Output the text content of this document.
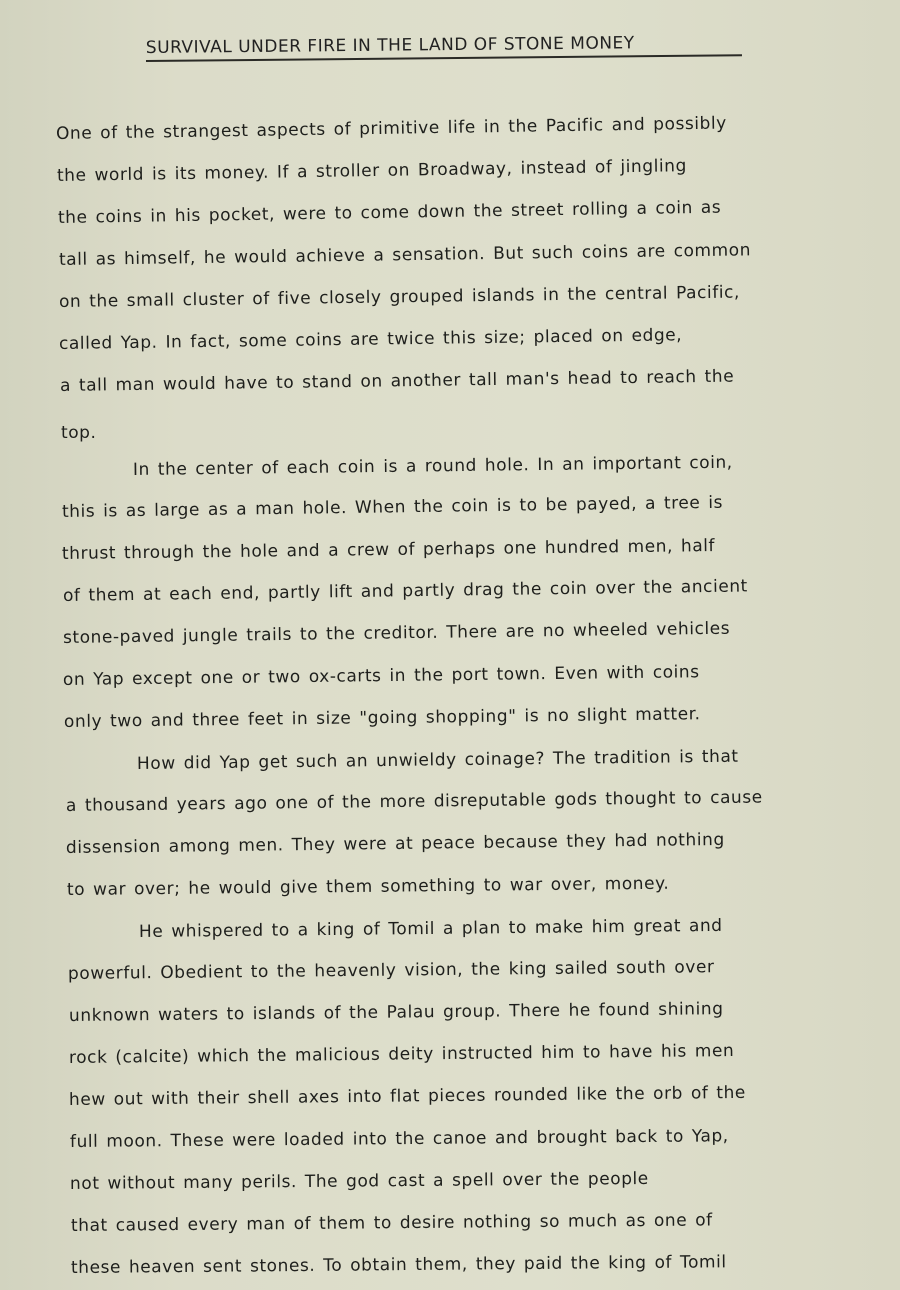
SURVIVAL UNDER FIRE IN THE LAND OF STONE MONEY
One of the strangest aspects of primitive life in the Pacific and possibly
the world is its money. If a stroller on Broadway, instead of jingling
the coins in his pocket, were to come down the street rolling a coin as
tall as himself, he would achieve a sensation. But such coins are common
on the small cluster of five closely grouped islands in the central Pacific,
called Yap. In fact, some coins are twice this size; placed on edge,
a tall man would have to stand on another tall man's head to reach the
top.
In the center of each coin is a round hole. In an important coin,
this is as large as a man hole. When the coin is to be payed, a tree is
thrust through the hole and a crew of perhaps one hundred men, half
of them at each end, partly lift and partly drag the coin over the ancient
stone-paved jungle trails to the creditor. There are no wheeled vehicles
on Yap except one or two ox-carts in the port town. Even with coins
only two and three feet in size "going shopping" is no slight matter.
How did Yap get such an unwieldy coinage? The tradition is that
a thousand years ago one of the more disreputable gods thought to cause
dissension among men. They were at peace because they had nothing
to war over; he would give them something to war over, money.
He whispered to a king of Tomil a plan to make him great and
powerful. Obedient to the heavenly vision, the king sailed south over
unknown waters to islands of the Palau group. There he found shining
rock (calcite) which the malicious deity instructed him to have his men
hew out with their shell axes into flat pieces rounded like the orb of the
full moon. These were loaded into the canoe and brought back to Yap,
not without many perils. The god cast a spell over the people
that caused every man of them to desire nothing so much as one of
these heaven sent stones. To obtain them, they paid the king of Tomil
